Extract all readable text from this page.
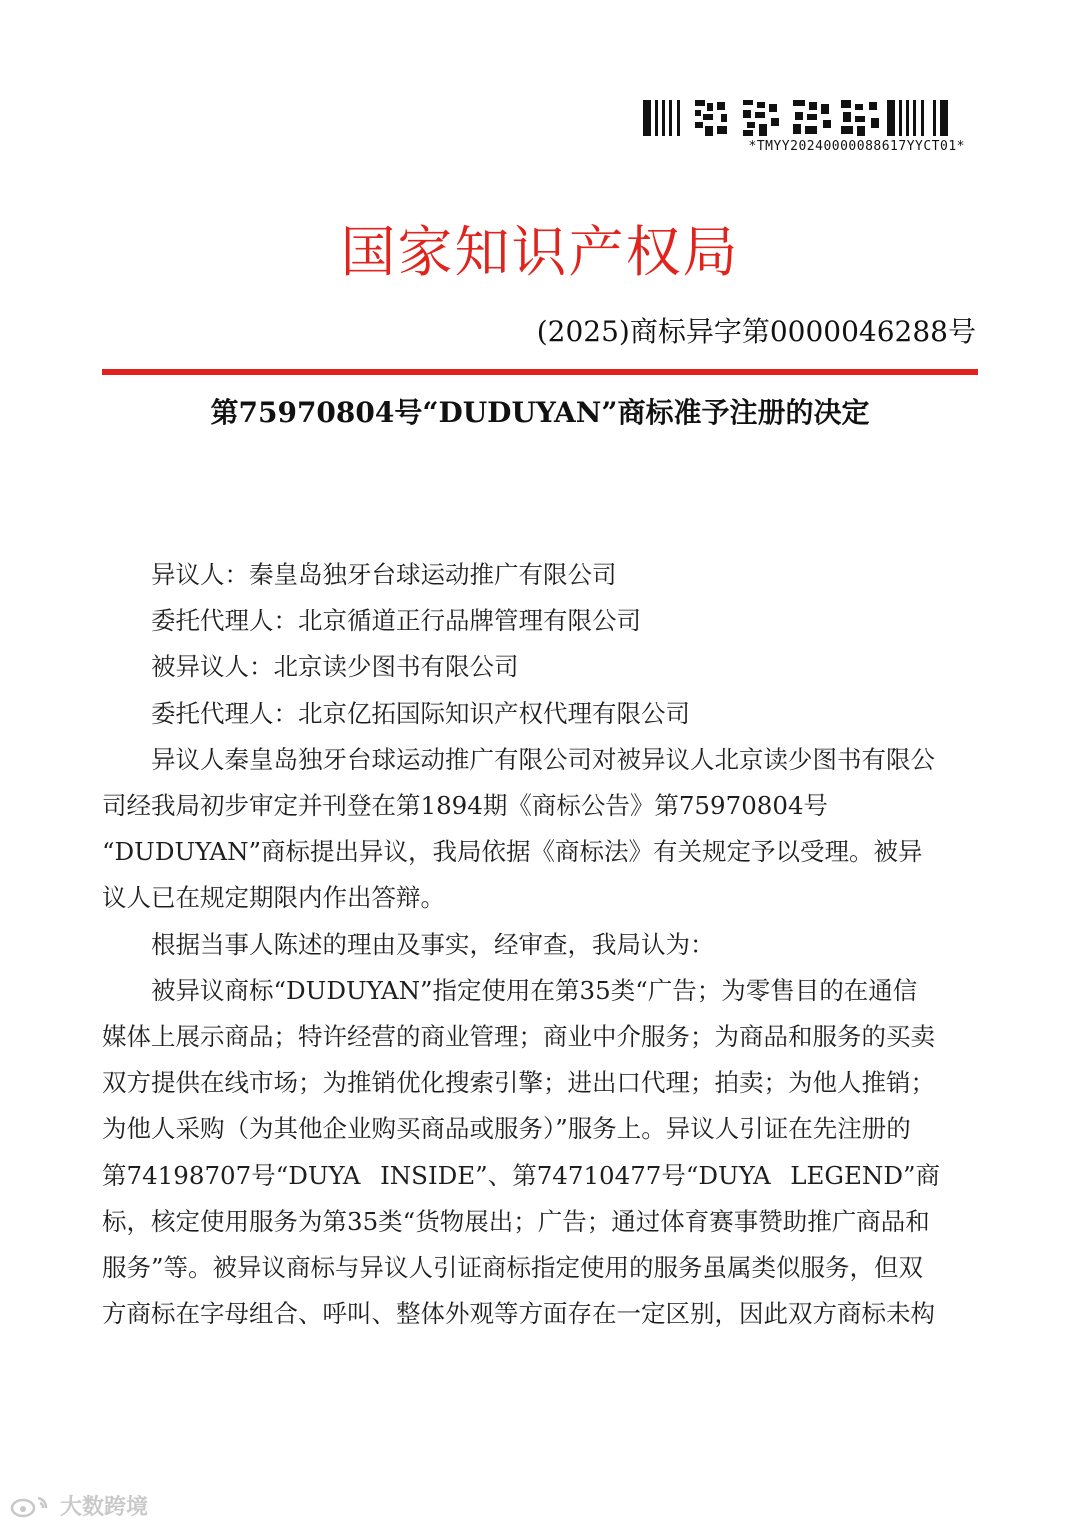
*TMYY20240000088617YYCT01*
国家知识产权局
(2025)商标异字第0000046288号
第75970804号“DUDUYAN”商标准予注册的决定
异议人：秦皇岛独牙台球运动推广有限公司
委托代理人：北京循道正行品牌管理有限公司
被异议人：北京读少图书有限公司
委托代理人：北京亿拓国际知识产权代理有限公司
异议人秦皇岛独牙台球运动推广有限公司对被异议人北京读少图书有限公
司经我局初步审定并刊登在第1894期《商标公告》第75970804号
“DUDUYAN”商标提出异议，我局依据《商标法》有关规定予以受理。被异
议人已在规定期限内作出答辩。
根据当事人陈述的理由及事实，经审查，我局认为：
被异议商标“DUDUYAN”指定使用在第35类“广告；为零售目的在通信
媒体上展示商品；特许经营的商业管理；商业中介服务；为商品和服务的买卖
双方提供在线市场；为推销优化搜索引擎；进出口代理；拍卖；为他人推销；
为他人采购（为其他企业购买商品或服务）”服务上。异议人引证在先注册的
第74198707号“DUYA INSIDE”、第74710477号“DUYA LEGEND”商
标，核定使用服务为第35类“货物展出；广告；通过体育赛事赞助推广商品和
服务”等。被异议商标与异议人引证商标指定使用的服务虽属类似服务，但双
方商标在字母组合、呼叫、整体外观等方面存在一定区别，因此双方商标未构
大数跨境
